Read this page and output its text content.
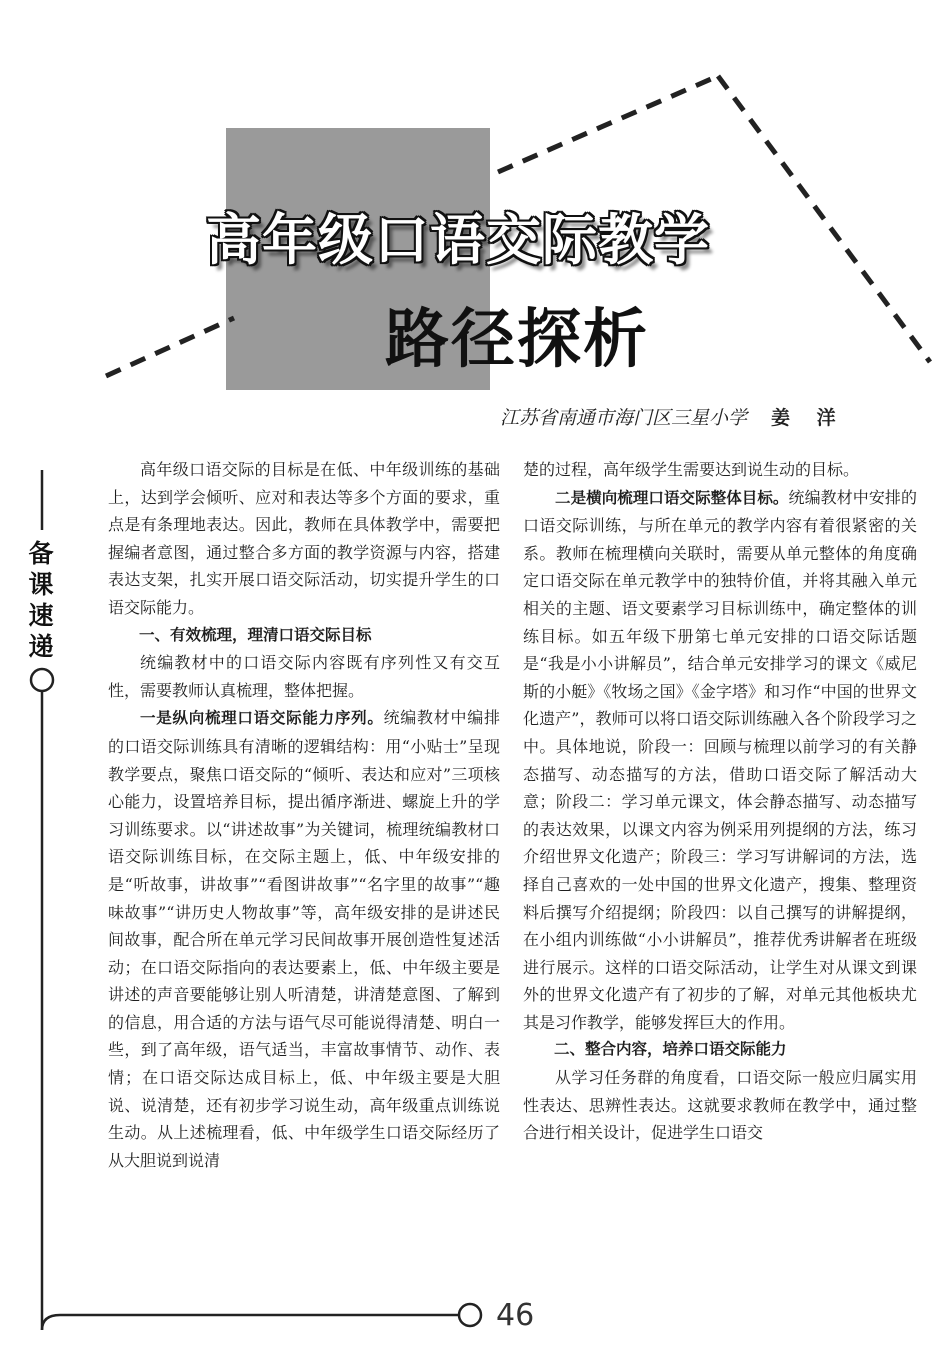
高年级口语交际教学
路径探析
江苏省南通市海门区三星小学 姜 洋
备
课
速
递

高年级口语交际的目标是在低、中年级训练的基础上，达到学会倾听、应对和表达等多个方面的要求，重点是有条理地表达。因此，教师在具体教学中，需要把握编者意图，通过整合多方面的教学资源与内容，搭建表达支架，扎实开展口语交际活动，切实提升学生的口语交际能力。

一、有效梳理，理清口语交际目标

统编教材中的口语交际内容既有序列性又有交互性，需要教师认真梳理，整体把握。

一是纵向梳理口语交际能力序列。统编教材中编排的口语交际训练具有清晰的逻辑结构：用“小贴士”呈现教学要点，聚焦口语交际的“倾听、表达和应对”三项核心能力，设置培养目标，提出循序渐进、螺旋上升的学习训练要求。以“讲述故事”为关键词，梳理统编教材口语交际训练目标，在交际主题上，低、中年级安排的是“听故事，讲故事”“看图讲故事”“名字里的故事”“趣味故事”“讲历史人物故事”等，高年级安排的是讲述民间故事，配合所在单元学习民间故事开展创造性复述活动；在口语交际指向的表达要素上，低、中年级主要是讲述的声音要能够让别人听清楚，讲清楚意图、了解到的信息，用合适的方法与语气尽可能说得清楚、明白一些，到了高年级，语气适当，丰富故事情节、动作、表情；在口语交际达成目标上，低、中年级主要是大胆说、说清楚，还有初步学习说生动，高年级重点训练说生动。从上述梳理看，低、中年级学生口语交际经历了从大胆说到说清

楚的过程，高年级学生需要达到说生动的目标。

二是横向梳理口语交际整体目标。统编教材中安排的口语交际训练，与所在单元的教学内容有着很紧密的关系。教师在梳理横向关联时，需要从单元整体的角度确定口语交际在单元教学中的独特价值，并将其融入单元相关的主题、语文要素学习目标训练中，确定整体的训练目标。如五年级下册第七单元安排的口语交际话题是“我是小小讲解员”，结合单元安排学习的课文《威尼斯的小艇》《牧场之国》《金字塔》和习作“中国的世界文化遗产”，教师可以将口语交际训练融入各个阶段学习之中。具体地说，阶段一：回顾与梳理以前学习的有关静态描写、动态描写的方法，借助口语交际了解活动大意；阶段二：学习单元课文，体会静态描写、动态描写的表达效果，以课文内容为例采用列提纲的方法，练习介绍世界文化遗产；阶段三：学习写讲解词的方法，选择自己喜欢的一处中国的世界文化遗产，搜集、整理资料后撰写介绍提纲；阶段四：以自己撰写的讲解提纲，在小组内训练做“小小讲解员”，推荐优秀讲解者在班级进行展示。这样的口语交际活动，让学生对从课文到课外的世界文化遗产有了初步的了解，对单元其他板块尤其是习作教学，能够发挥巨大的作用。

二、整合内容，培养口语交际能力

从学习任务群的角度看，口语交际一般应归属实用性表达、思辨性表达。这就要求教师在教学中，通过整合进行相关设计，促进学生口语交

46
